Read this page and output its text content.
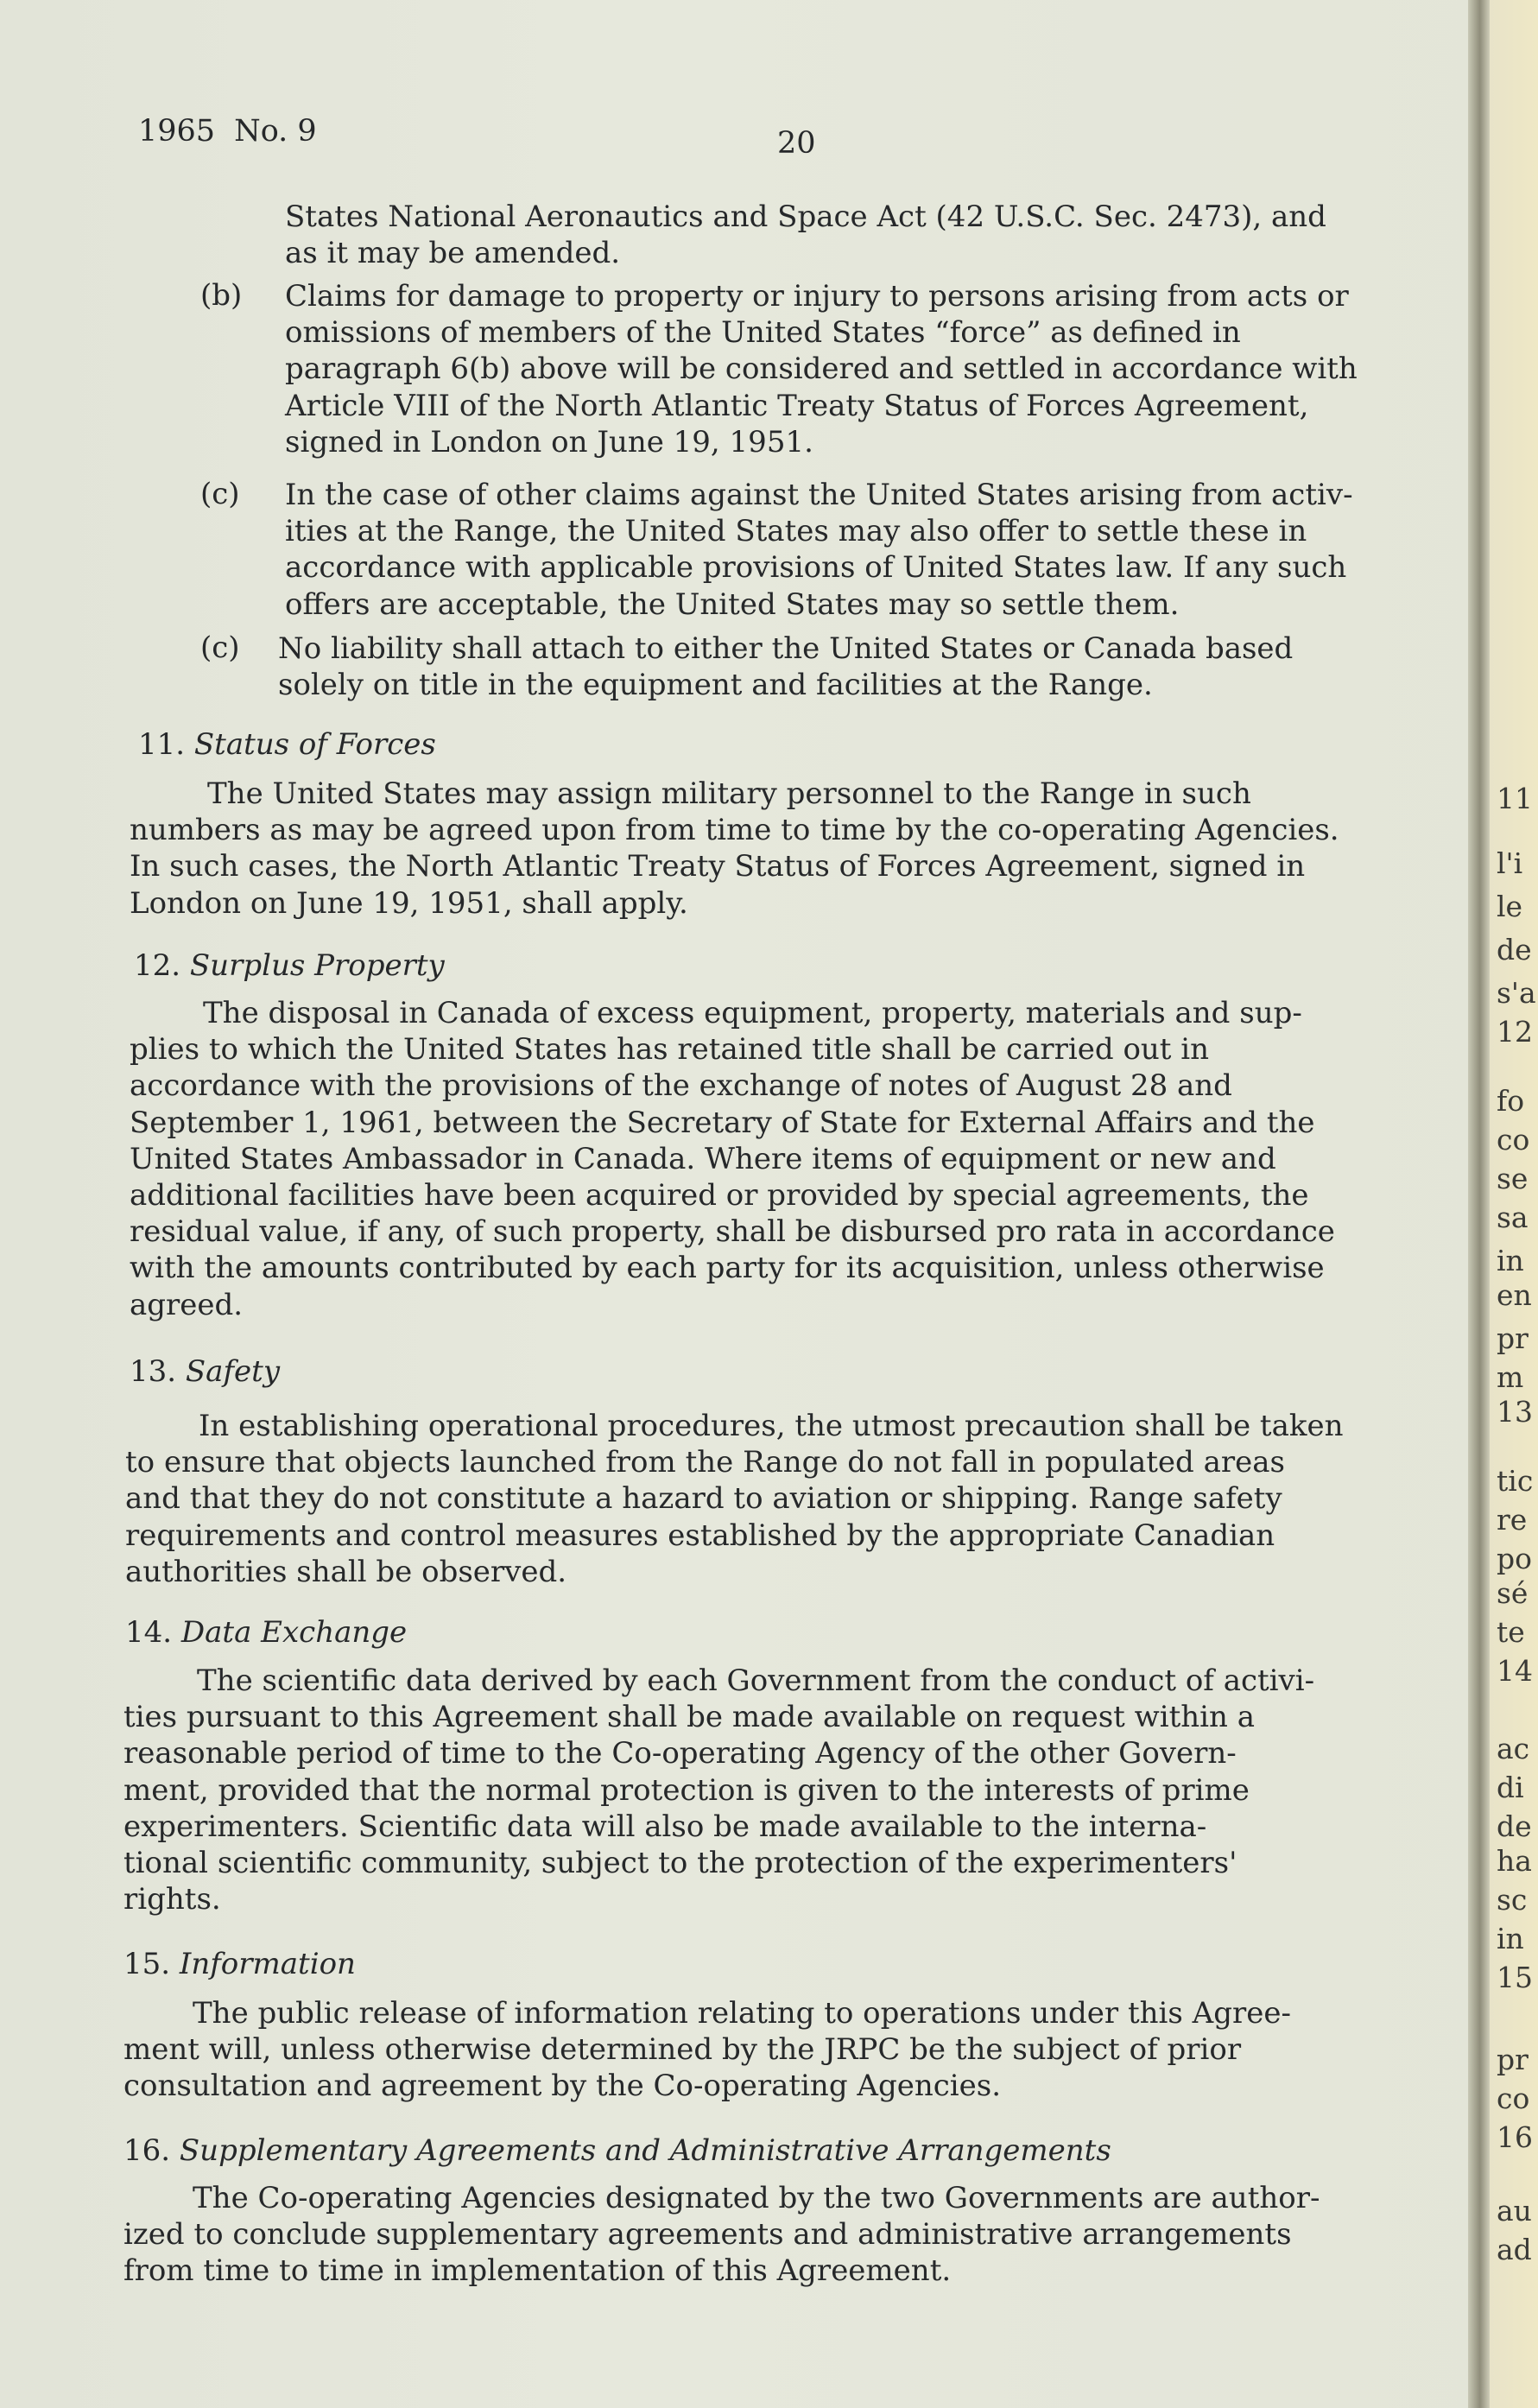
1965 No. 9	20
States National Aeronautics and Space Act (42 U.S.C. Sec. 2473), and
as it may be amended.
(b) Claims for damage to property or injury to persons arising from acts or
omissions of members of the United States “force” as defined in
paragraph 6(b) above will be considered and settled in accordance with
Article VIII of the North Atlantic Treaty Status of Forces Agreement,
signed in London on June 19, 1951.
(c) In the case of other claims against the United States arising from activ-
ities at the Range, the United States may also offer to settle these in
accordance with applicable provisions of United States law. If any such
offers are acceptable, the United States may so settle them.
(c) No liability shall attach to either the United States or Canada based
solely on title in the equipment and facilities at the Range.
11. Status of Forces
The United States may assign military personnel to the Range in such
numbers as may be agreed upon from time to time by the co-operating Agencies.
In such cases, the North Atlantic Treaty Status of Forces Agreement, signed in
London on June 19, 1951, shall apply.
12. Surplus Property
The disposal in Canada of excess equipment, property, materials and sup-
plies to which the United States has retained title shall be carried out in
accordance with the provisions of the exchange of notes of August 28 and
September 1, 1961, between the Secretary of State for External Affairs and the
United States Ambassador in Canada. Where items of equipment or new and
additional facilities have been acquired or provided by special agreements, the
residual value, if any, of such property, shall be disbursed pro rata in accordance
with the amounts contributed by each party for its acquisition, unless otherwise
agreed.
13. Safety
In establishing operational procedures, the utmost precaution shall be taken
to ensure that objects launched from the Range do not fall in populated areas
and that they do not constitute a hazard to aviation or shipping. Range safety
requirements and control measures established by the appropriate Canadian
authorities shall be observed.
14. Data Exchange
The scientific data derived by each Government from the conduct of activi-
ties pursuant to this Agreement shall be made available on request within a
reasonable period of time to the Co-operating Agency of the other Govern-
ment, provided that the normal protection is given to the interests of prime
experimenters. Scientific data will also be made available to the interna-
tional scientific community, subject to the protection of the experimenters'
rights.
15. Information
The public release of information relating to operations under this Agree-
ment will, unless otherwise determined by the JRPC be the subject of prior
consultation and agreement by the Co-operating Agencies.
16. Supplementary Agreements and Administrative Arrangements
The Co-operating Agencies designated by the two Governments are author-
ized to conclude supplementary agreements and administrative arrangements
from time to time in implementation of this Agreement.
11
l'i
le
de
s'a
12
fo
co
se
sa
in
en
pr
m
13
tic
re
po
sé
te
14
ac
di
de
ha
sc
in
15
pr
co
16
au
ad
